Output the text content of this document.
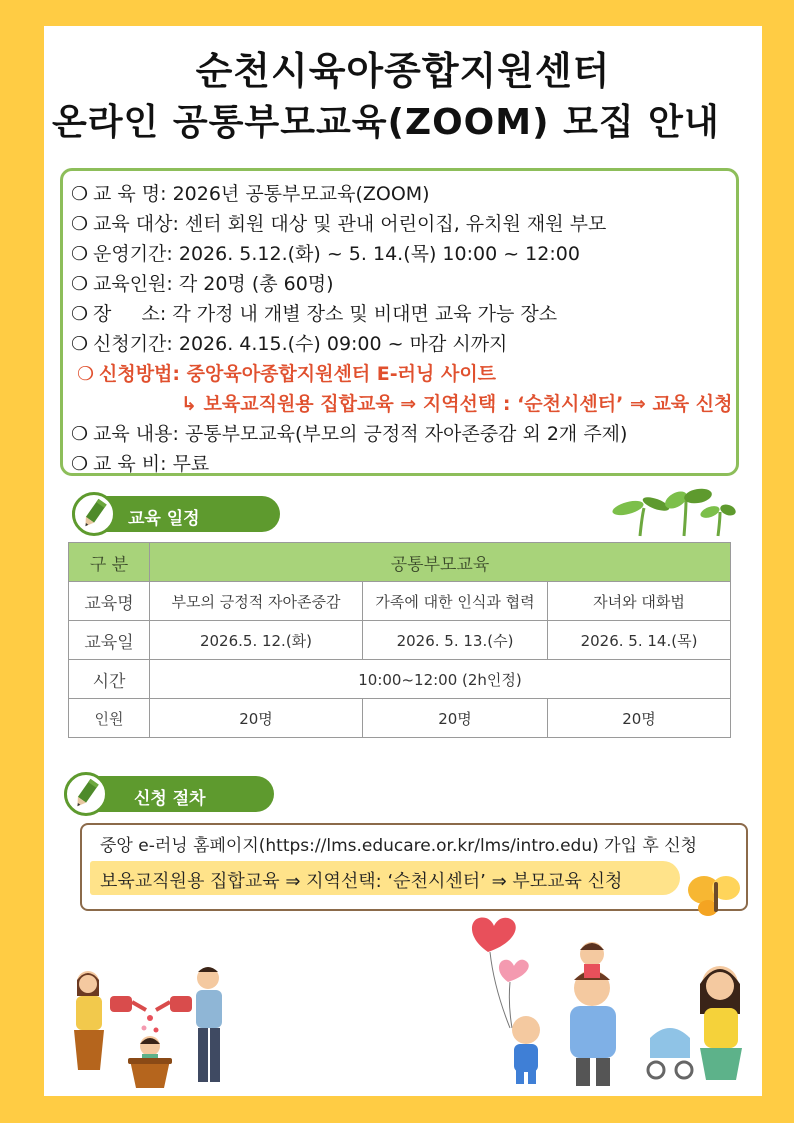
순천시육아종합지원센터
온라인 공통부모교육(ZOOM) 모집 안내
❍ 교 육 명: 2026년 공통부모교육(ZOOM)
❍ 교육 대상: 센터 회원 대상 및 관내 어린이집, 유치원 재원 부모
❍ 운영기간: 2026. 5.12.(화) ~ 5. 14.(목) 10:00 ~ 12:00
❍ 교육인원: 각 20명 (총 60명)
❍ 장     소: 각 가정 내 개별 장소 및 비대면 교육 가능 장소
❍ 신청기간: 2026. 4.15.(수) 09:00 ~ 마감 시까지
❍ 신청방법: 중앙육아종합지원센터 E-러닝 사이트
↳ 보육교직원용 집합교육 ⇒ 지역선택 : ‘순천시센터’ ⇒ 교육 신청
❍ 교육 내용: 공통부모교육(부모의 긍정적 자아존중감 외 2개 주제)
❍ 교 육 비: 무료
교육 일정
구 분	공통부모교육		
교육명	부모의 긍정적 자아존중감	가족에 대한 인식과 협력	자녀와 대화법
교육일	2026.5. 12.(화)	2026. 5. 13.(수)	2026. 5. 14.(목)
시간	10:00~12:00 (2h인정)		
인원	20명	20명	20명
신청 절차
중앙 e-러닝 홈페이지(https://lms.educare.or.kr/lms/intro.edu) 가입 후 신청
보육교직원용 집합교육 ⇒ 지역선택: ‘순천시센터’ ⇒ 부모교육 신청
